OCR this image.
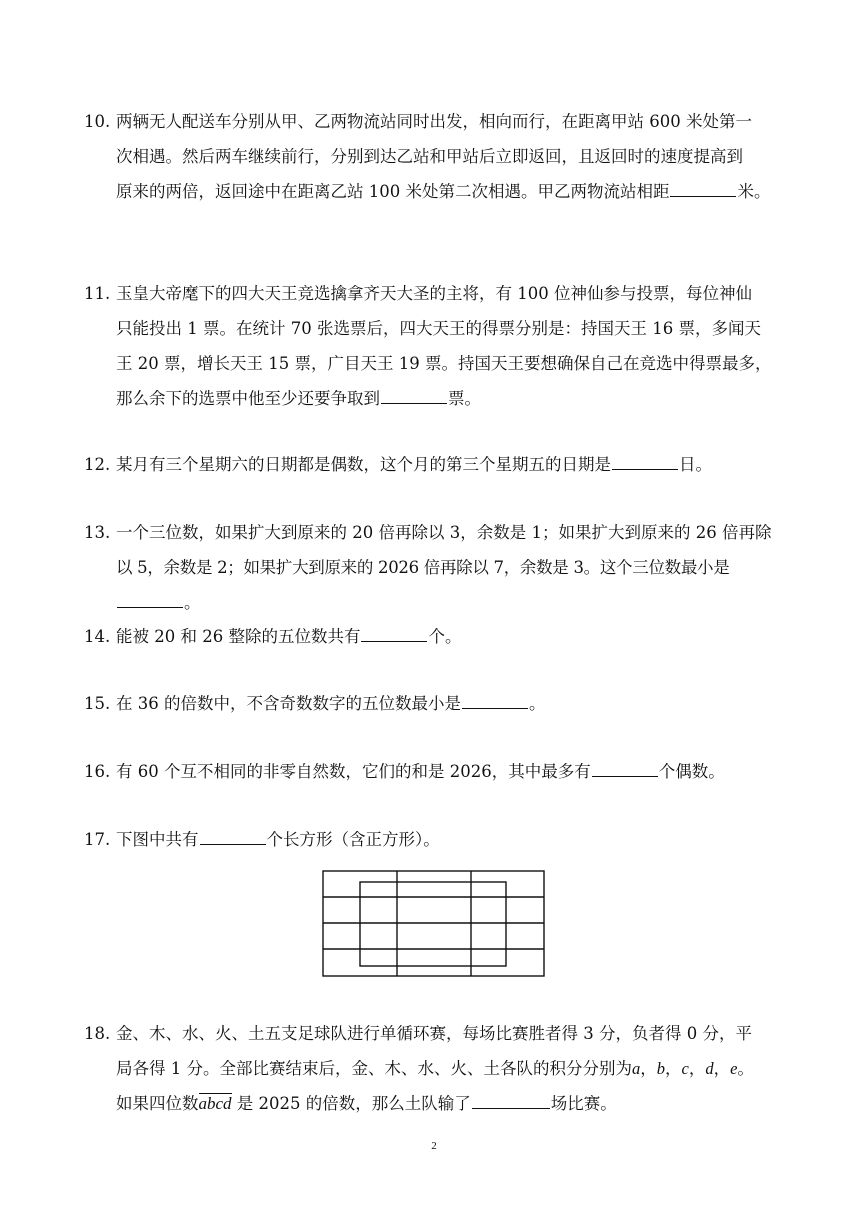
10. 两辆无人配送车分别从甲、乙两物流站同时出发，相向而行，在距离甲站 600 米处第一
次相遇。然后两车继续前行，分别到达乙站和甲站后立即返回，且返回时的速度提高到
原来的两倍，返回途中在距离乙站 100 米处第二次相遇。甲乙两物流站相距	米。
11. 玉皇大帝麾下的四大天王竞选擒拿齐天大圣的主将，有 100 位神仙参与投票，每位神仙
只能投出 1 票。在统计 70 张选票后，四大天王的得票分别是：持国天王 16 票，多闻天
王 20 票，增长天王 15 票，广目天王 19 票。持国天王要想确保自己在竞选中得票最多，
那么余下的选票中他至少还要争取到	票。
12. 某月有三个星期六的日期都是偶数，这个月的第三个星期五的日期是	日。
13. 一个三位数，如果扩大到原来的 20 倍再除以 3，余数是 1；如果扩大到原来的 26 倍再除
以 5，余数是 2；如果扩大到原来的 2026 倍再除以 7，余数是 3。这个三位数最小是。
14. 能被 20 和 26 整除的五位数共有	个。
15. 在 36 的倍数中，不含奇数数字的五位数最小是	。
16. 有 60 个互不相同的非零自然数，它们的和是 2026，其中最多有	个偶数。
17. 下图中共有	个长方形（含正方形）。
18. 金、木、水、火、土五支足球队进行单循环赛，每场比赛胜者得 3 分，负者得 0 分，平
局各得 1 分。全部比赛结束后，金、木、水、火、土各队的积分分别为a，b，c，d，e。
如果四位数abcd 是 2025 的倍数，那么土队输了	场比赛。
2
